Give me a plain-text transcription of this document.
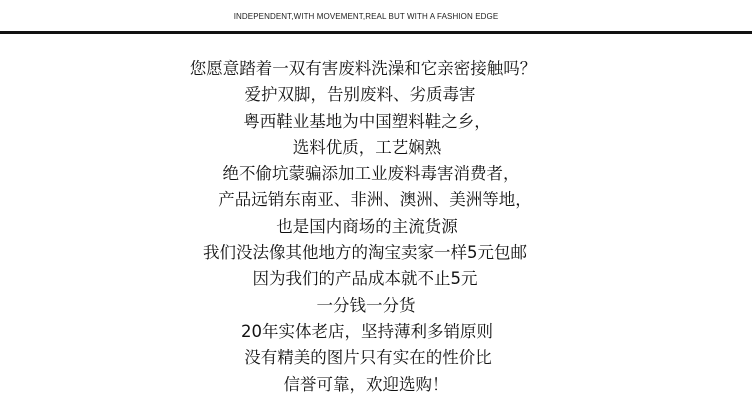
INDEPENDENT,WITH MOVEMENT,REAL BUT WITH A FASHION EDGE
您愿意踏着一双有害废料洗澡和它亲密接触吗？
爱护双脚，告别废料、劣质毒害
粤西鞋业基地为中国塑料鞋之乡，
选料优质，工艺娴熟
绝不偷坑蒙骗添加工业废料毒害消费者，
产品远销东南亚、非洲、澳洲、美洲等地，
也是国内商场的主流货源
我们没法像其他地方的淘宝卖家一样5元包邮
因为我们的产品成本就不止5元
一分钱一分货
20年实体老店，坚持薄利多销原则
没有精美的图片只有实在的性价比
信誉可靠，欢迎选购！
